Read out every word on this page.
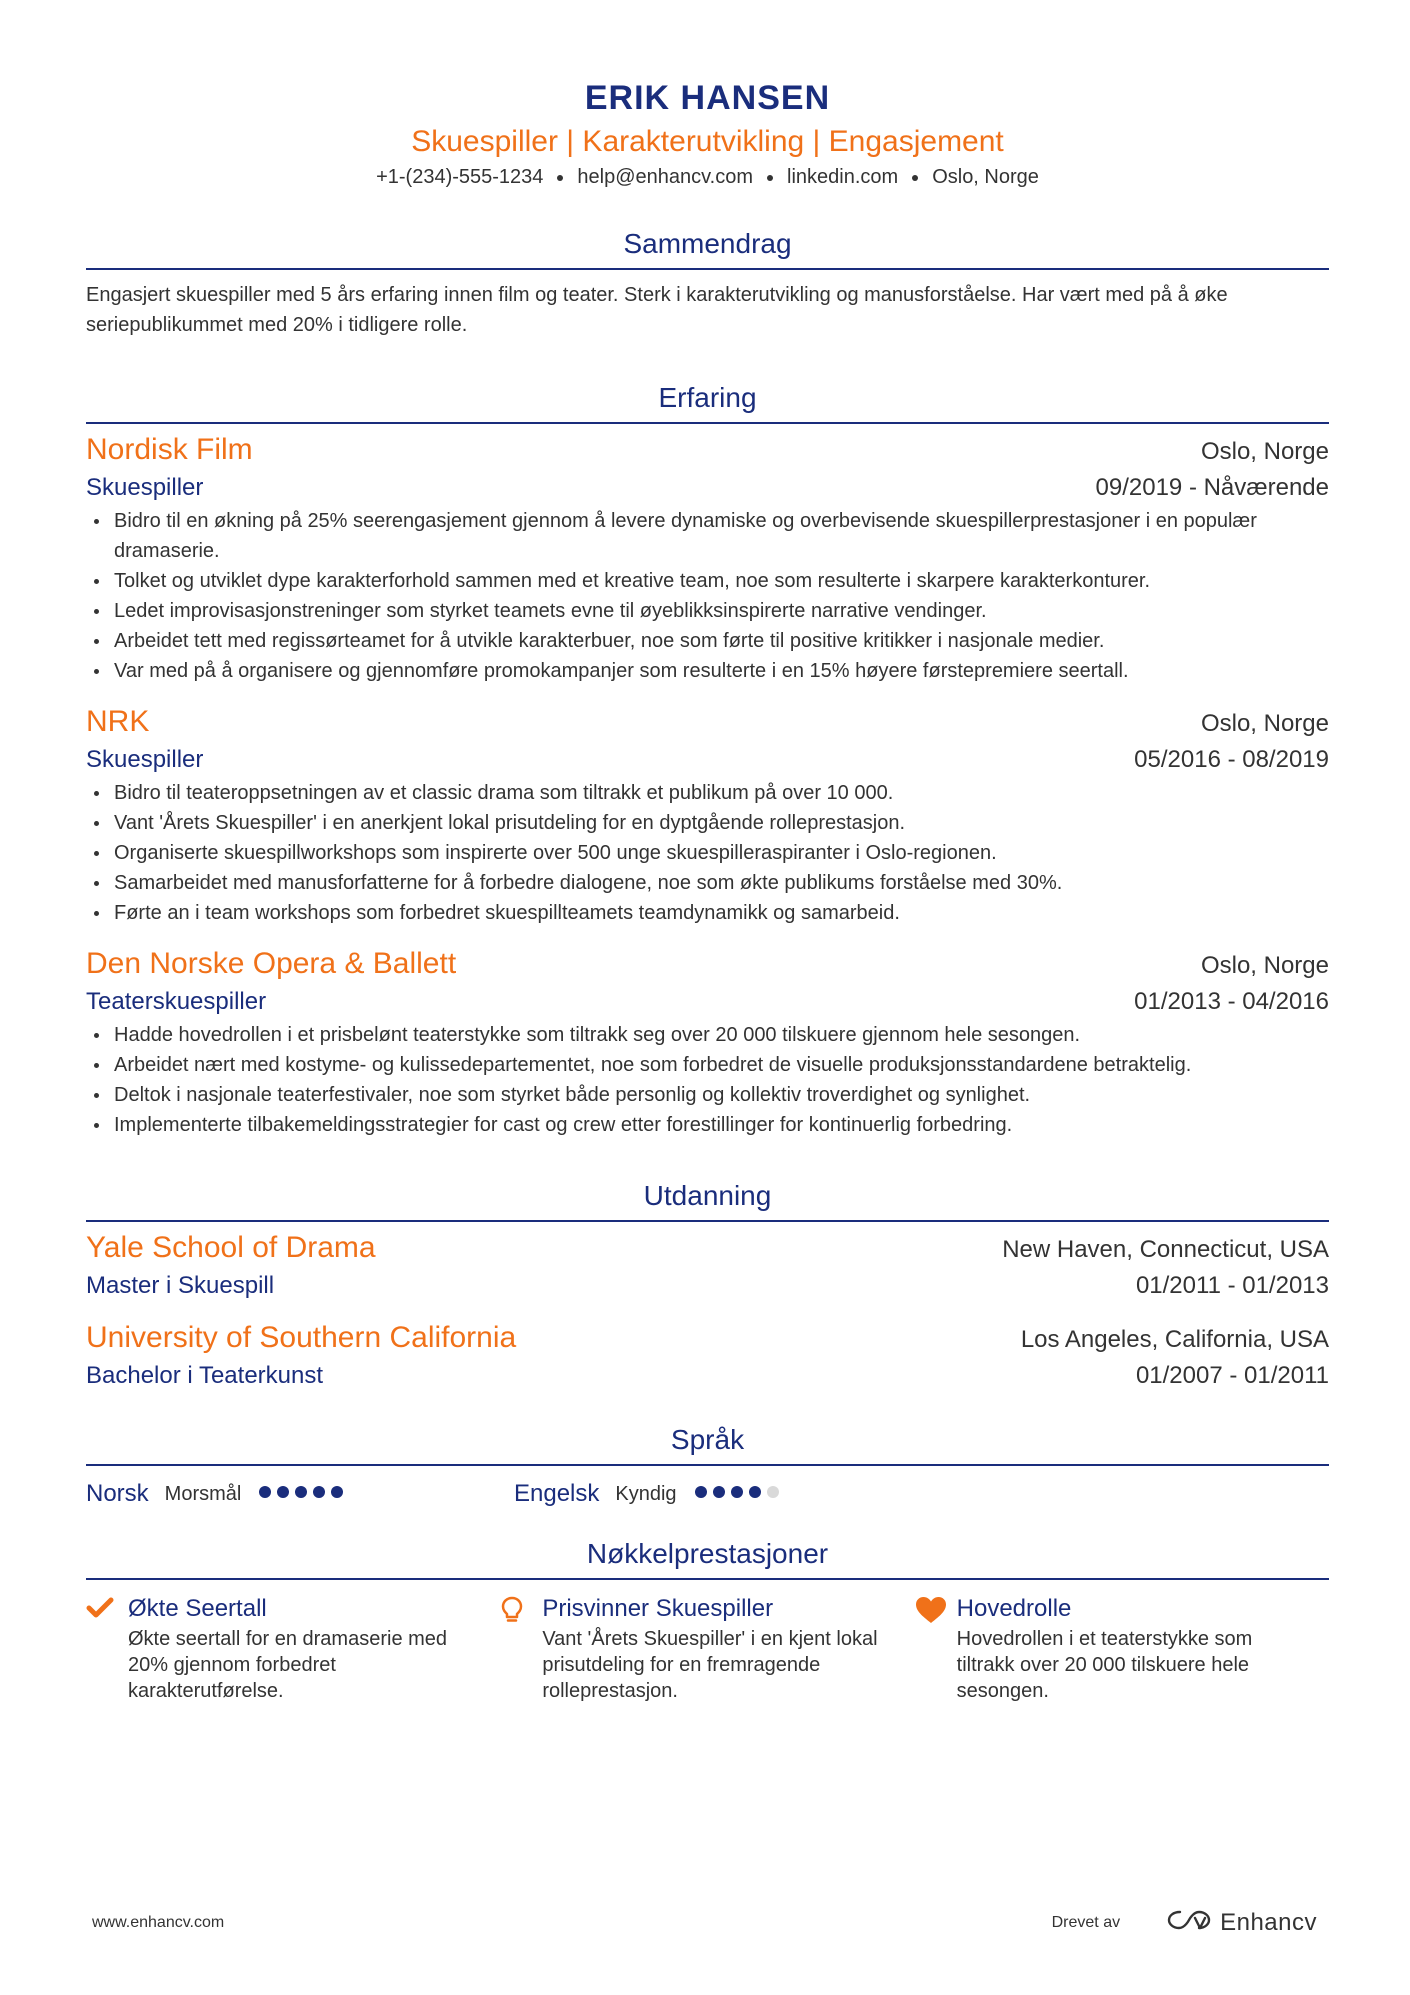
ERIK HANSEN
Skuespiller | Karakterutvikling | Engasjement
+1-(234)-555-1234 help@enhancv.com linkedin.com Oslo, Norge
Sammendrag
Engasjert skuespiller med 5 års erfaring innen film og teater. Sterk i karakterutvikling og manusforståelse. Har vært med på å øke seriepublikummet med 20% i tidligere rolle.
Erfaring
Nordisk Film	Oslo, Norge
Skuespiller	09/2019 - Nåværende
Bidro til en økning på 25% seerengasjement gjennom å levere dynamiske og overbevisende skuespillerprestasjoner i en populær dramaserie.
Tolket og utviklet dype karakterforhold sammen med et kreative team, noe som resulterte i skarpere karakterkonturer.
Ledet improvisasjonstreninger som styrket teamets evne til øyeblikksinspirerte narrative vendinger.
Arbeidet tett med regissørteamet for å utvikle karakterbuer, noe som førte til positive kritikker i nasjonale medier.
Var med på å organisere og gjennomføre promokampanjer som resulterte i en 15% høyere førstepremiere seertall.
NRK	Oslo, Norge
Skuespiller	05/2016 - 08/2019
Bidro til teateroppsetningen av et classic drama som tiltrakk et publikum på over 10 000.
Vant 'Årets Skuespiller' i en anerkjent lokal prisutdeling for en dyptgående rolleprestasjon.
Organiserte skuespillworkshops som inspirerte over 500 unge skuespilleraspiranter i Oslo-regionen.
Samarbeidet med manusforfatterne for å forbedre dialogene, noe som økte publikums forståelse med 30%.
Førte an i team workshops som forbedret skuespillteamets teamdynamikk og samarbeid.
Den Norske Opera & Ballett	Oslo, Norge
Teaterskuespiller	01/2013 - 04/2016
Hadde hovedrollen i et prisbelønt teaterstykke som tiltrakk seg over 20 000 tilskuere gjennom hele sesongen.
Arbeidet nært med kostyme- og kulissedepartementet, noe som forbedret de visuelle produksjonsstandardene betraktelig.
Deltok i nasjonale teaterfestivaler, noe som styrket både personlig og kollektiv troverdighet og synlighet.
Implementerte tilbakemeldingsstrategier for cast og crew etter forestillinger for kontinuerlig forbedring.
Utdanning
Yale School of Drama	New Haven, Connecticut, USA
Master i Skuespill	01/2011 - 01/2013
University of Southern California	Los Angeles, California, USA
Bachelor i Teaterkunst	01/2007 - 01/2011
Språk
Norsk Morsmål	Engelsk Kyndig
Nøkkelprestasjoner
Økte Seertall
Økte seertall for en dramaserie med 20% gjennom forbedret karakterutførelse.
Prisvinner Skuespiller
Vant 'Årets Skuespiller' i en kjent lokal prisutdeling for en fremragende rolleprestasjon.
Hovedrolle
Hovedrollen i et teaterstykke som tiltrakk over 20 000 tilskuere hele sesongen.
www.enhancv.com	Drevet av	Enhancv
